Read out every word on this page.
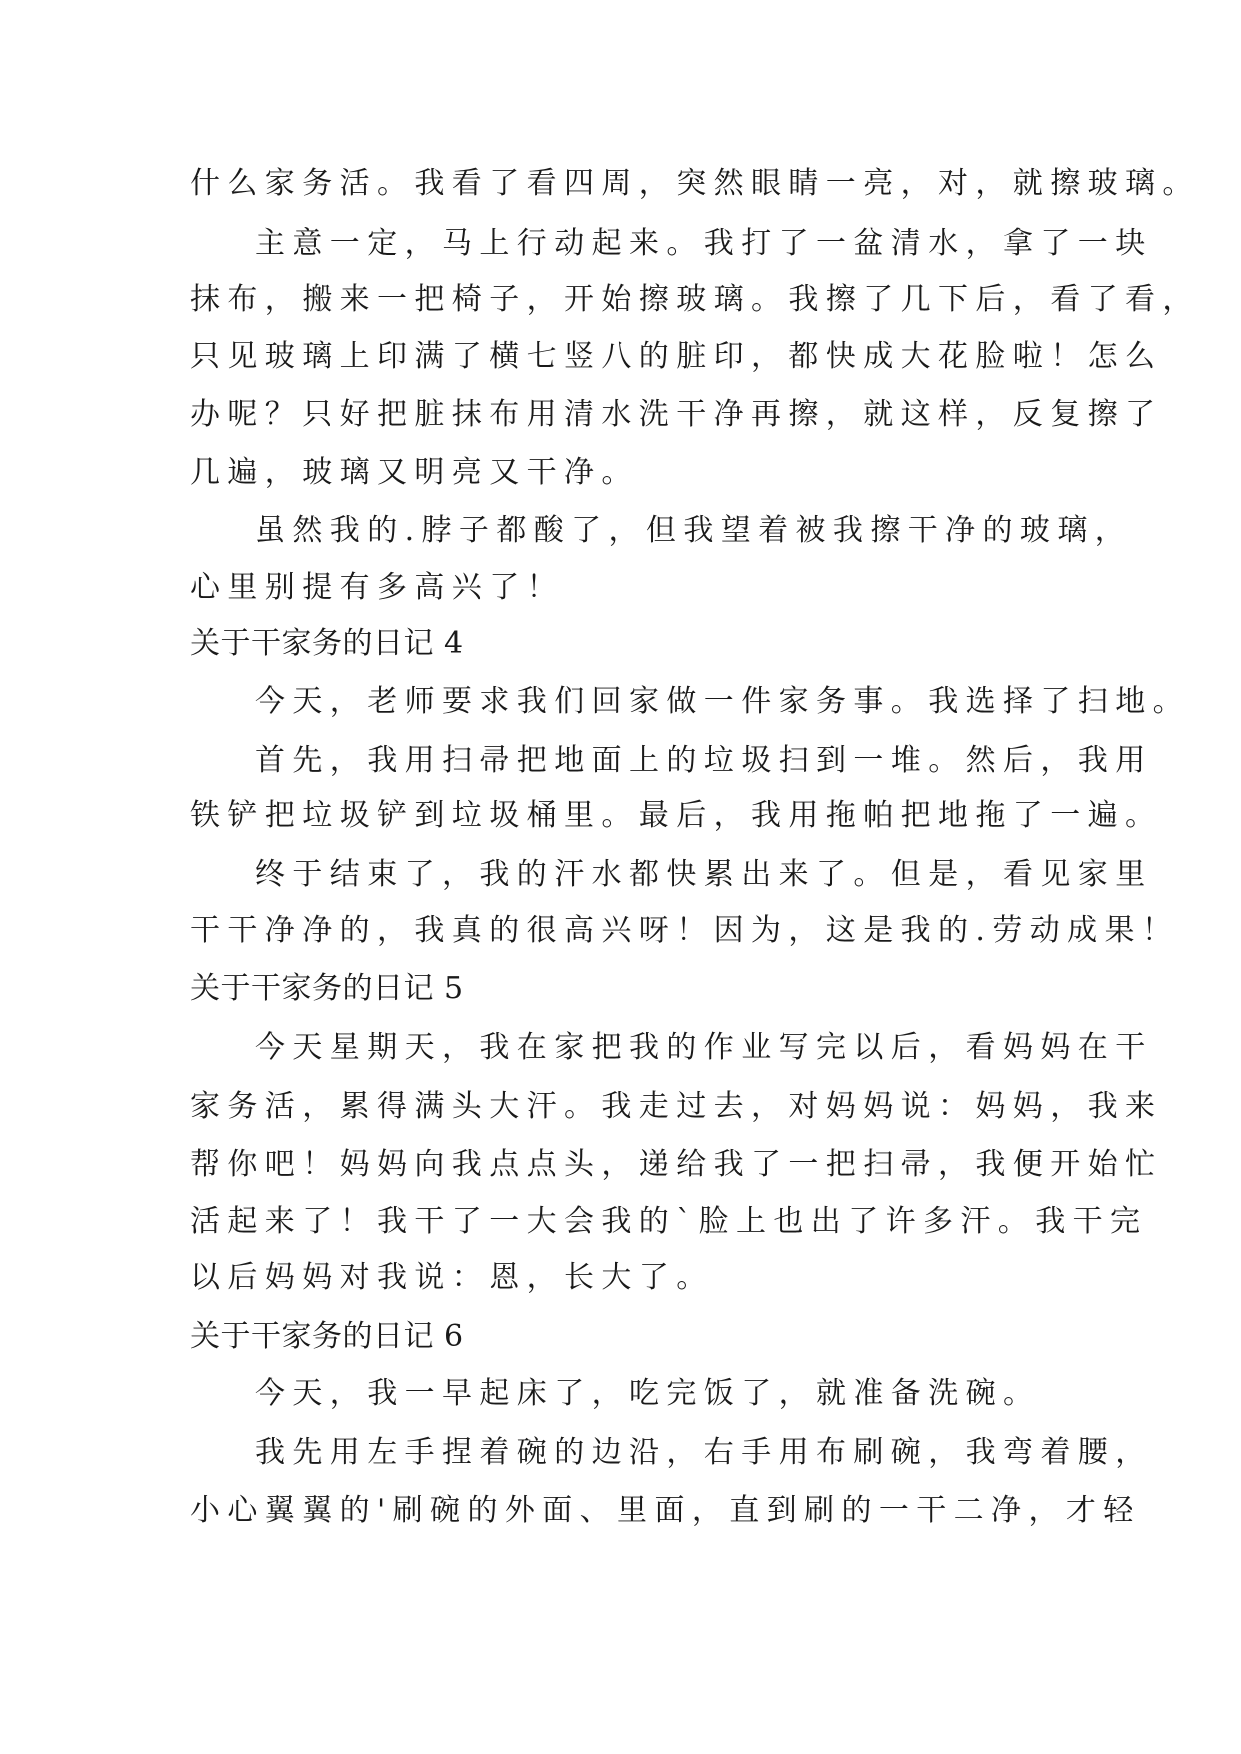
什么家务活。我看了看四周，突然眼睛一亮，对，就擦玻璃。

主意一定，马上行动起来。我打了一盆清水，拿了一块

抹布，搬来一把椅子，开始擦玻璃。我擦了几下后，看了看，

只见玻璃上印满了横七竖八的脏印，都快成大花脸啦！怎么

办呢？只好把脏抹布用清水洗干净再擦，就这样，反复擦了

几遍，玻璃又明亮又干净。

虽然我的.脖子都酸了，但我望着被我擦干净的玻璃，

心里别提有多高兴了！

关于干家务的日记 4

今天，老师要求我们回家做一件家务事。我选择了扫地。

首先，我用扫帚把地面上的垃圾扫到一堆。然后，我用

铁铲把垃圾铲到垃圾桶里。最后，我用拖帕把地拖了一遍。

终于结束了，我的汗水都快累出来了。但是，看见家里

干干净净的，我真的很高兴呀！因为，这是我的.劳动成果！

关于干家务的日记 5

今天星期天，我在家把我的作业写完以后，看妈妈在干

家务活，累得满头大汗。我走过去，对妈妈说：妈妈，我来

帮你吧！妈妈向我点点头，递给我了一把扫帚，我便开始忙

活起来了！我干了一大会我的`脸上也出了许多汗。我干完

以后妈妈对我说：恩，长大了。

关于干家务的日记 6

今天，我一早起床了，吃完饭了，就准备洗碗。

我先用左手捏着碗的边沿，右手用布刷碗，我弯着腰，

小心翼翼的'刷碗的外面、里面，直到刷的一干二净，才轻
